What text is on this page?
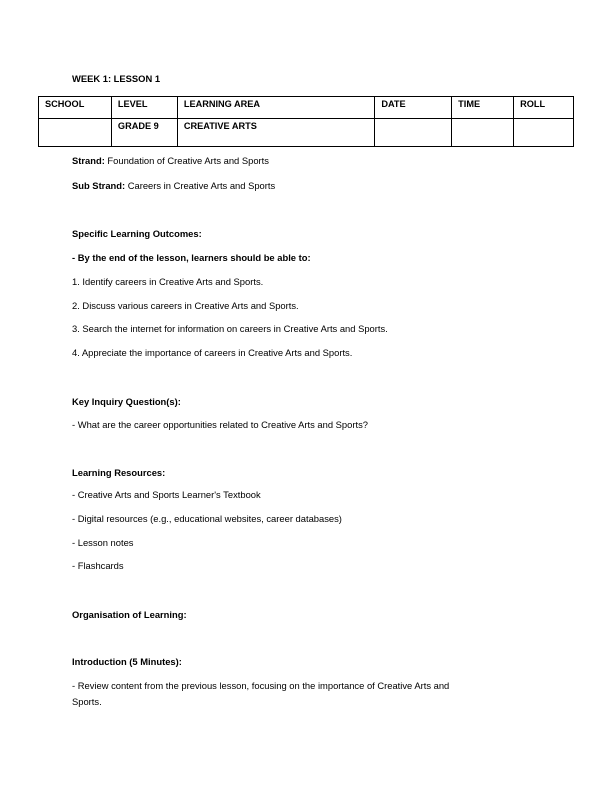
WEEK 1: LESSON 1
SCHOOL	LEVEL	LEARNING AREA	DATE	TIME	ROLL
	GRADE 9	CREATIVE ARTS			
Strand: Foundation of Creative Arts and Sports
Sub Strand: Careers in Creative Arts and Sports
Specific Learning Outcomes:
- By the end of the lesson, learners should be able to:
1. Identify careers in Creative Arts and Sports.
2. Discuss various careers in Creative Arts and Sports.
3. Search the internet for information on careers in Creative Arts and Sports.
4. Appreciate the importance of careers in Creative Arts and Sports.
Key Inquiry Question(s):
- What are the career opportunities related to Creative Arts and Sports?
Learning Resources:
- Creative Arts and Sports Learner's Textbook
- Digital resources (e.g., educational websites, career databases)
- Lesson notes
- Flashcards
Organisation of Learning:
Introduction (5 Minutes):
- Review content from the previous lesson, focusing on the importance of Creative Arts and
Sports.
